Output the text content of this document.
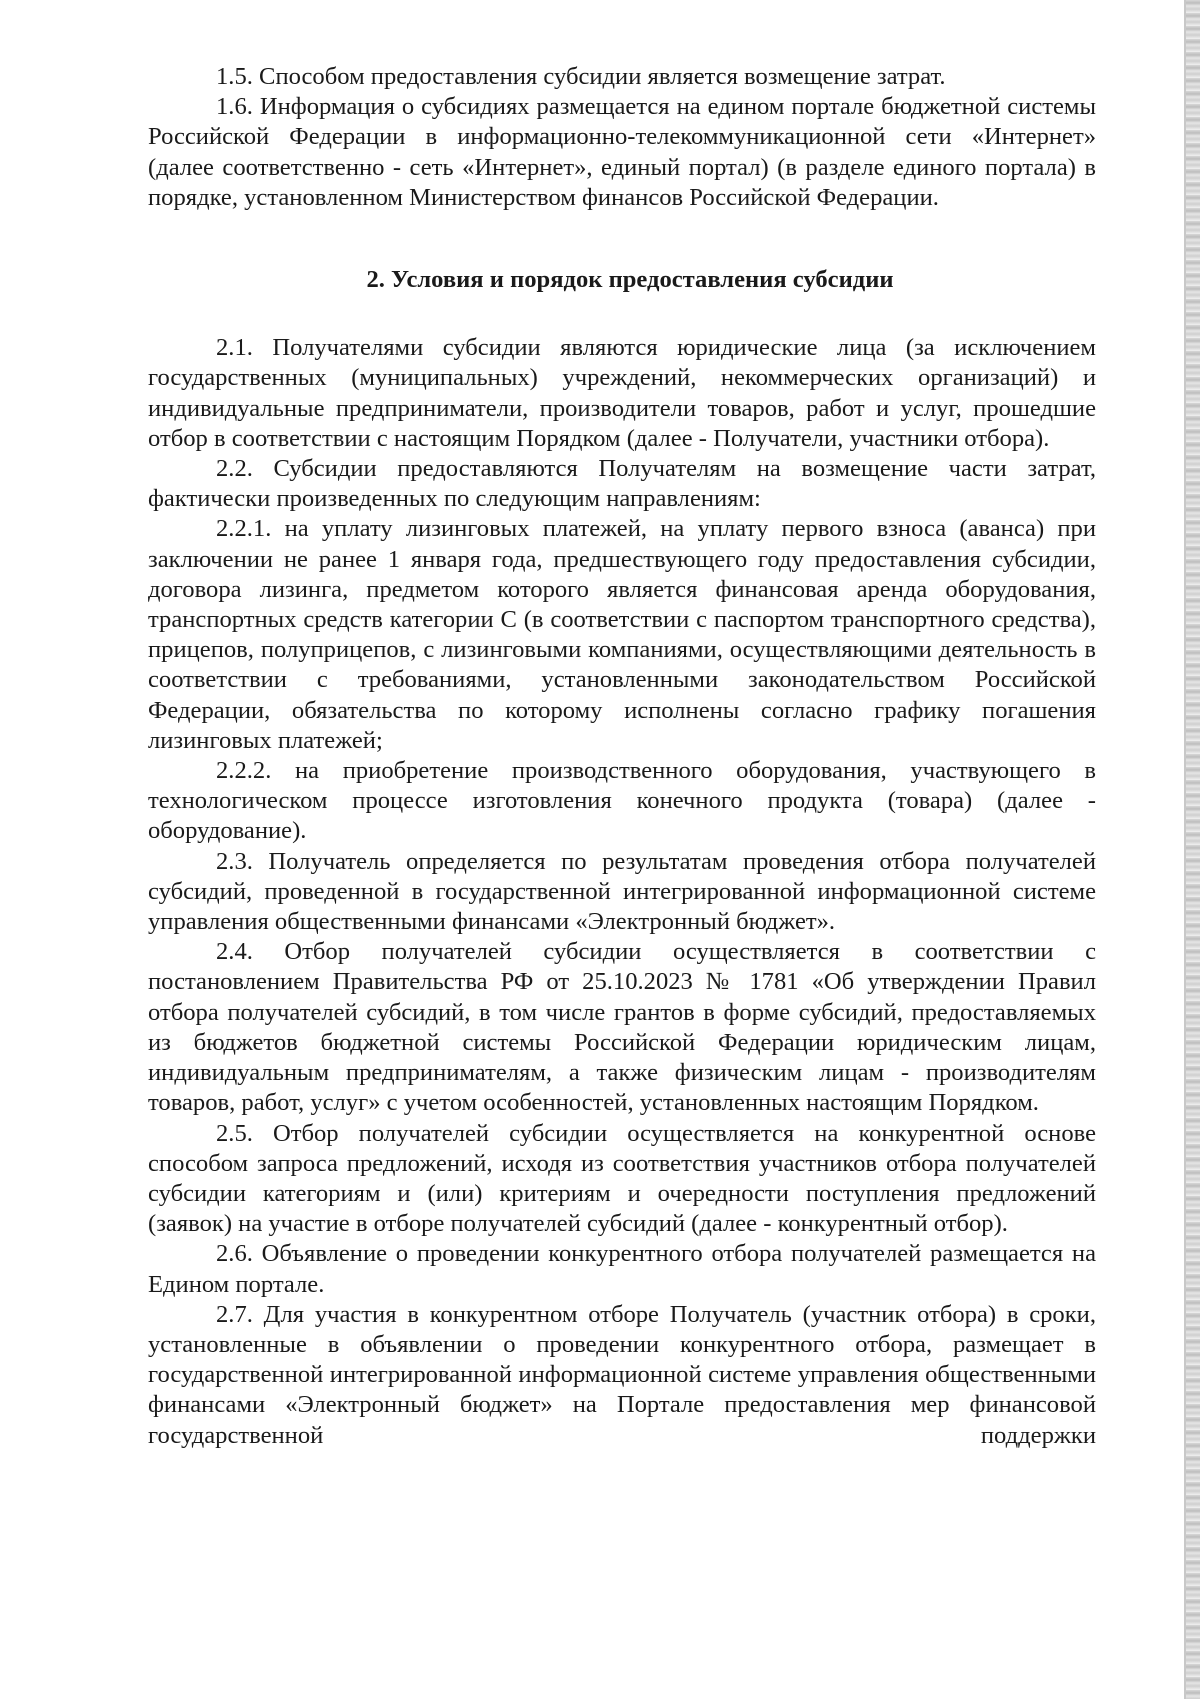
1.5. Способом предоставления субсидии является возмещение затрат.

1.6. Информация о субсидиях размещается на едином портале бюджетной системы Российской Федерации в информационно-телекоммуникационной сети «Интернет» (далее соответственно - сеть «Интернет», единый портал) (в разделе единого портала) в порядке, установленном Министерством финансов Российской Федерации.

2. Условия и порядок предоставления субсидии

2.1. Получателями субсидии являются юридические лица (за исключением государственных (муниципальных) учреждений, некоммерческих организаций) и индивидуальные предприниматели, производители товаров, работ и услуг, прошедшие отбор в соответствии с настоящим Порядком (далее - Получатели, участники отбора).

2.2. Субсидии предоставляются Получателям на возмещение части затрат, фактически произведенных по следующим направлениям:

2.2.1. на уплату лизинговых платежей, на уплату первого взноса (аванса) при заключении не ранее 1 января года, предшествующего году предоставления субсидии, договора лизинга, предметом которого является финансовая аренда оборудования, транспортных средств категории С (в соответствии с паспортом транспортного средства), прицепов, полуприцепов, с лизинговыми компаниями, осуществляющими деятельность в соответствии с требованиями, установленными законодательством Российской Федерации, обязательства по которому исполнены согласно графику погашения лизинговых платежей;

2.2.2. на приобретение производственного оборудования, участвующего в технологическом процессе изготовления конечного продукта (товара) (далее - оборудование).

2.3. Получатель определяется по результатам проведения отбора получателей субсидий, проведенной в государственной интегрированной информационной системе управления общественными финансами «Электронный бюджет».

2.4. Отбор получателей субсидии осуществляется в соответствии с постановлением Правительства РФ от 25.10.2023 № 1781 «Об утверждении Правил отбора получателей субсидий, в том числе грантов в форме субсидий, предоставляемых из бюджетов бюджетной системы Российской Федерации юридическим лицам, индивидуальным предпринимателям, а также физическим лицам - производителям товаров, работ, услуг» с учетом особенностей, установленных настоящим Порядком.

2.5. Отбор получателей субсидии осуществляется на конкурентной основе способом запроса предложений, исходя из соответствия участников отбора получателей субсидии категориям и (или) критериям и очередности поступления предложений (заявок) на участие в отборе получателей субсидий (далее - конкурентный отбор).

2.6. Объявление о проведении конкурентного отбора получателей размещается на Едином портале.

2.7. Для участия в конкурентном отборе Получатель (участник отбора) в сроки, установленные в объявлении о проведении конкурентного отбора, размещает в государственной интегрированной информационной системе управления общественными финансами «Электронный бюджет» на Портале предоставления мер финансовой государственной поддержки
